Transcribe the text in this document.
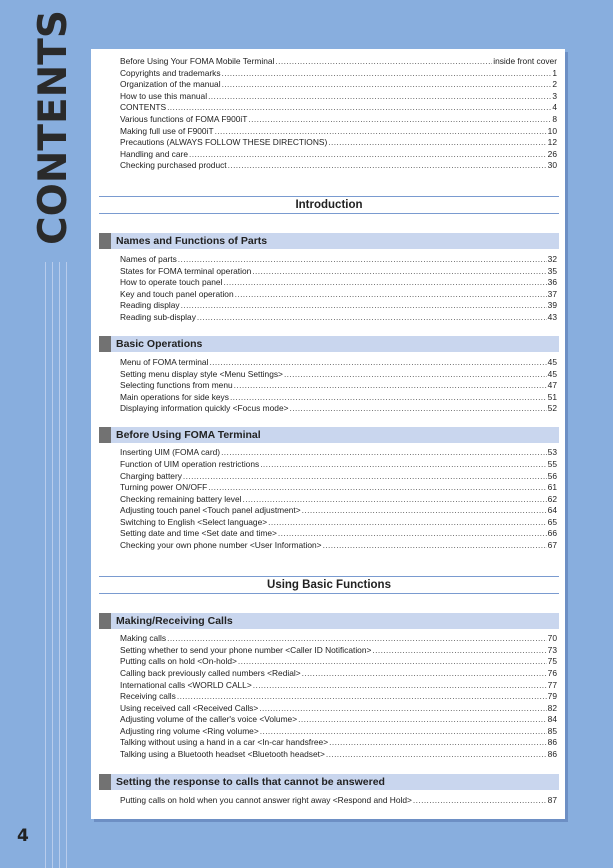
CONTENTS
4
Before Using Your FOMA Mobile Terminal .....	inside front cover
Copyrights and trademarks .....	1
Organization of the manual .....	2
How to use this manual .....	3
CONTENTS .....	4
Various functions of FOMA F900iT .....	8
Making full use of F900iT .....	10
Precautions (ALWAYS FOLLOW THESE DIRECTIONS) .....	12
Handling and care .....	26
Checking purchased product .....	30
Introduction
Names and Functions of Parts
Names of parts .....	32
States for FOMA terminal operation .....	35
How to operate touch panel .....	36
Key and touch panel operation .....	37
Reading display .....	39
Reading sub-display .....	43
Basic Operations
Menu of FOMA terminal .....	45
Setting menu display style <Menu Settings> .....	45
Selecting functions from menu .....	47
Main operations for side keys .....	51
Displaying information quickly <Focus mode> .....	52
Before Using FOMA Terminal
Inserting UIM (FOMA card) .....	53
Function of UIM operation restrictions .....	55
Charging battery .....	56
Turning power ON/OFF .....	61
Checking remaining battery level .....	62
Adjusting touch panel <Touch panel adjustment> .....	64
Switching to English <Select language> .....	65
Setting date and time <Set date and time> .....	66
Checking your own phone number <User Information> .....	67
Using Basic Functions
Making/Receiving Calls
Making calls .....	70
Setting whether to send your phone number <Caller ID Notification> .....	73
Putting calls on hold <On-hold> .....	75
Calling back previously called numbers <Redial> .....	76
International calls <WORLD CALL> .....	77
Receiving calls .....	79
Using received call <Received Calls> .....	82
Adjusting volume of the caller's voice <Volume> .....	84
Adjusting ring volume <Ring volume> .....	85
Talking without using a hand in a car <In-car handsfree> .....	86
Talking using a Bluetooth headset <Bluetooth headset> .....	86
Setting the response to calls that cannot be answered
Putting calls on hold when you cannot answer right away <Respond and Hold> .....	87
